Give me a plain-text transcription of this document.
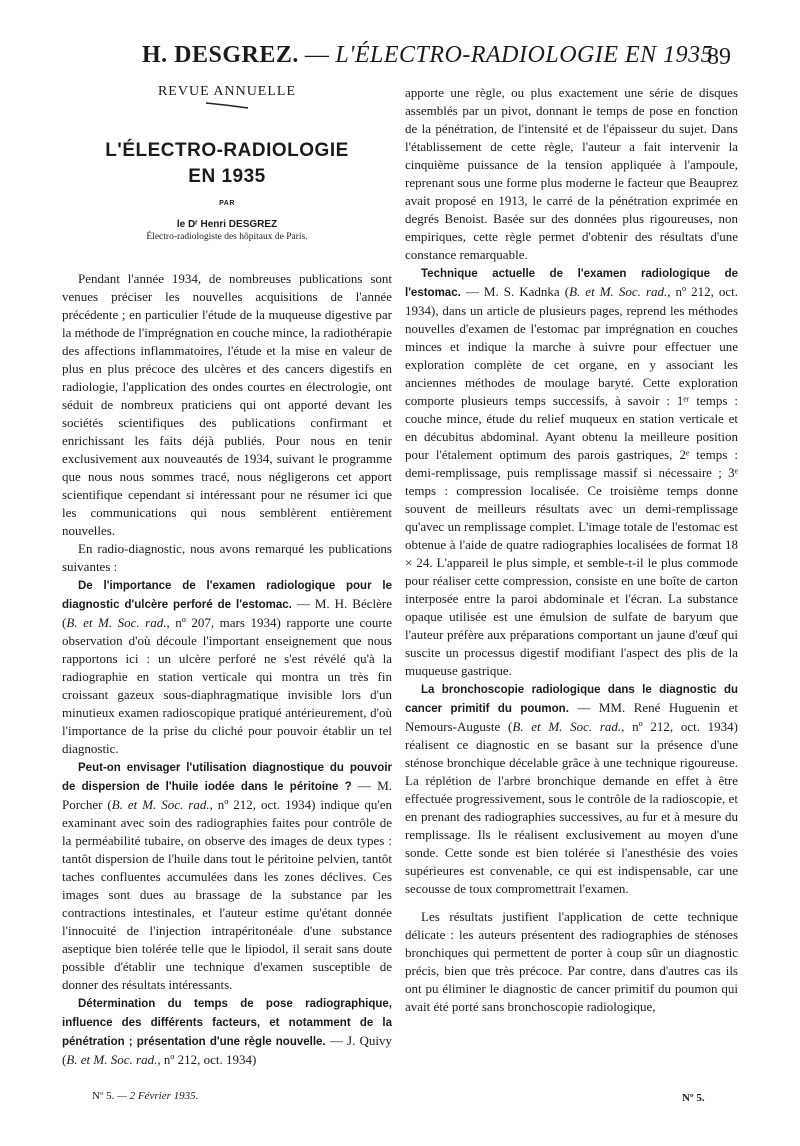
H. DESGREZ. — L'ÉLECTRO-RADIOLOGIE EN 1935
89
REVUE ANNUELLE
L'ÉLECTRO-RADIOLOGIE
EN 1935
PAR
le Dʳ Henri DESGREZ
Électro-radiologiste des hôpitaux de Paris.

Pendant l'année 1934, de nombreuses publications sont venues préciser les nouvelles acquisitions de l'année précédente ; en particulier l'étude de la muqueuse digestive par la méthode de l'imprégnation en couche mince, la radiothérapie des affections inflammatoires, l'étude et la mise en valeur de plus en plus précoce des ulcères et des cancers digestifs en radiologie, l'application des ondes courtes en électrologie, ont séduit de nombreux praticiens qui ont apporté devant les sociétés scientifiques des publications confirmant et enrichissant les faits déjà publiés. Pour nous en tenir exclusivement aux nouveautés de 1934, suivant le programme que nous nous sommes tracé, nous négligerons cet apport scientifique cependant si intéressant pour ne résumer ici que les communications qui nous semblèrent entièrement nouvelles.

En radio-diagnostic, nous avons remarqué les publications suivantes :

De l'importance de l'examen radiologique pour le diagnostic d'ulcère perforé de l'estomac. — M. H. Béclère (B. et M. Soc. rad., nº 207, mars 1934) rapporte une courte observation d'où découle l'important enseignement que nous rapportons ici : un ulcère perforé ne s'est révélé qu'à la radiographie en station verticale qui montra un très fin croissant gazeux sous-diaphragmatique invisible lors d'un minutieux examen radioscopique pratiqué antérieurement, d'où l'importance de la prise du cliché pour pouvoir établir un tel diagnostic.

Peut-on envisager l'utilisation diagnostique du pouvoir de dispersion de l'huile iodée dans le péritoine ? — M. Porcher (B. et M. Soc. rad., nº 212, oct. 1934) indique qu'en examinant avec soin des radiographies faites pour contrôle de la perméabilité tubaire, on observe des images de deux types : tantôt dispersion de l'huile dans tout le péritoine pelvien, tantôt taches confluentes accumulées dans les zones déclives. Ces images sont dues au brassage de la substance par les contractions intestinales, et l'auteur estime qu'étant donnée l'innocuité de l'injection intrapéritonéale d'une substance aseptique bien tolérée telle que le lipiodol, il serait sans doute possible d'établir une technique d'examen susceptible de donner des résultats intéressants.

Détermination du temps de pose radiographique, influence des différents facteurs, et notamment de la pénétration ; présentation d'une règle nouvelle. — J. Quivy (B. et M. Soc. rad., nº 212, oct. 1934)

apporte une règle, ou plus exactement une série de disques assemblés par un pivot, donnant le temps de pose en fonction de la pénétration, de l'intensité et de l'épaisseur du sujet. Dans l'établissement de cette règle, l'auteur a fait intervenir la cinquième puissance de la tension appliquée à l'ampoule, reprenant sous une forme plus moderne le facteur que Beauprez avait proposé en 1913, le carré de la pénétration exprimée en degrés Benoist. Basée sur des données plus rigoureuses, non empiriques, cette règle permet d'obtenir des résultats d'une constance remarquable.

Technique actuelle de l'examen radiologique de l'estomac. — M. S. Kadnka (B. et M. Soc. rad., nº 212, oct. 1934), dans un article de plusieurs pages, reprend les méthodes nouvelles d'examen de l'estomac par imprégnation en couches minces et indique la marche à suivre pour effectuer une exploration complète de cet organe, en y associant les anciennes méthodes de moulage baryté. Cette exploration comporte plusieurs temps successifs, à savoir : 1ᵉʳ temps : couche mince, étude du relief muqueux en station verticale et en décubitus abdominal. Ayant obtenu la meilleure position pour l'étalement optimum des parois gastriques, 2ᵉ temps : demi-remplissage, puis remplissage massif si nécessaire ; 3ᵉ temps : compression localisée. Ce troisième temps donne souvent de meilleurs résultats avec un demi-remplissage qu'avec un remplissage complet. L'image totale de l'estomac est obtenue à l'aide de quatre radiographies localisées de format 18 × 24. L'appareil le plus simple, et semble-t-il le plus commode pour réaliser cette compression, consiste en une boîte de carton interposée entre la paroi abdominale et l'écran. La substance opaque utilisée est une émulsion de sulfate de baryum que l'auteur préfère aux préparations comportant un jaune d'œuf qui suscite un processus digestif modifiant l'aspect des plis de la muqueuse gastrique.

La bronchoscopie radiologique dans le diagnostic du cancer primitif du poumon. — MM. René Huguenin et Nemours-Auguste (B. et M. Soc. rad., nº 212, oct. 1934) réalisent ce diagnostic en se basant sur la présence d'une sténose bronchique décelable grâce à une technique rigoureuse. La réplétion de l'arbre bronchique demande en effet à être effectuée progressivement, sous le contrôle de la radioscopie, et en prenant des radiographies successives, au fur et à mesure du remplissage. Ils le réalisent exclusivement au moyen d'une sonde. Cette sonde est bien tolérée si l'anesthésie des voies supérieures est convenable, ce qui est indispensable, car une secousse de toux compromettrait l'examen.

Les résultats justifient l'application de cette technique délicate : les auteurs présentent des radiographies de sténoses bronchiques qui permettent de porter à coup sûr un diagnostic précis, bien que très précoce. Par contre, dans d'autres cas ils ont pu éliminer le diagnostic de cancer primitif du poumon qui avait été porté sans bronchoscopie radiologique,

Nº 5. — 2 Février 1935.	Nº 5.
